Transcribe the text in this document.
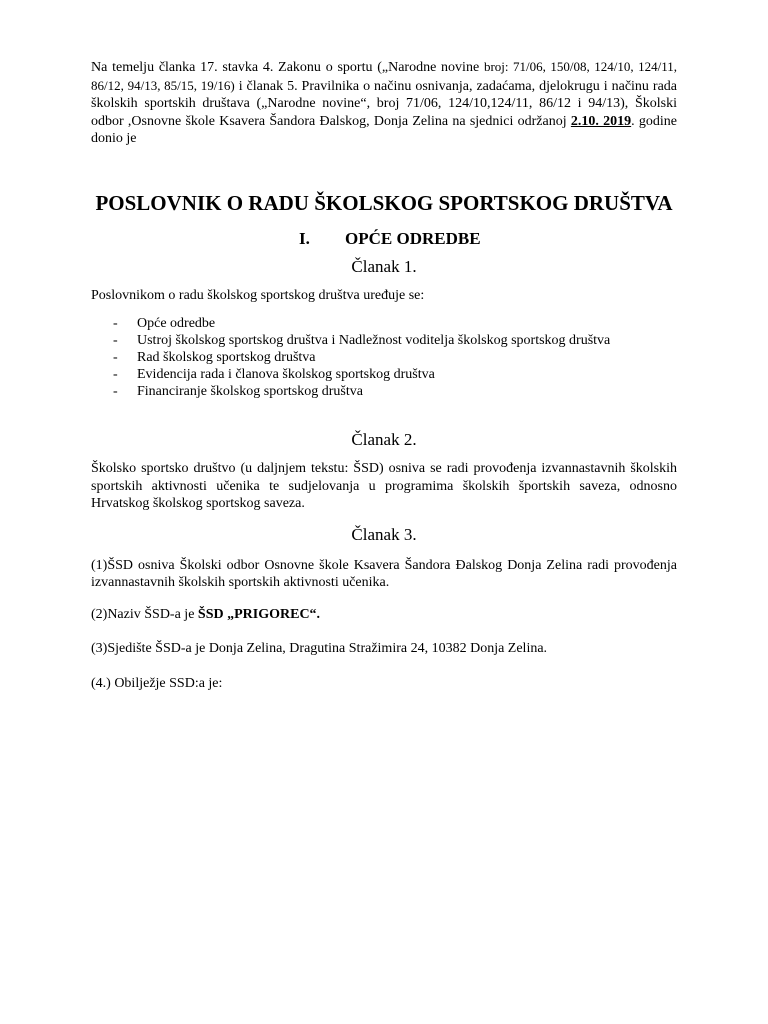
Na temelju članka 17. stavka 4. Zakonu o sportu („Narodne novine broj: 71/06, 150/08, 124/10, 124/11, 86/12, 94/13, 85/15, 19/16) i članak 5. Pravilnika o načinu osnivanja, zadaćama, djelokrugu i načinu rada školskih sportskih društava („Narodne novine“, broj 71/06, 124/10,124/11, 86/12 i 94/13), Školski odbor ,Osnovne škole Ksavera Šandora Đalskog, Donja Zelina na sjednici održanoj 2.10. 2019. godine donio je

POSLOVNIK O RADU ŠKOLSKOG SPORTSKOG DRUŠTVA
I. OPĆE ODREDBE

Članak 1.

Poslovnikom o radu školskog sportskog društva uređuje se:

- Opće odredbe
- Ustroj školskog sportskog društva i Nadležnost voditelja školskog sportskog društva
- Rad školskog sportskog društva
- Evidencija rada i članova školskog sportskog društva
- Financiranje školskog sportskog društva

Članak 2.

Školsko sportsko društvo (u daljnjem tekstu: ŠSD) osniva se radi provođenja izvannastavnih školskih sportskih aktivnosti učenika te sudjelovanja u programima školskih športskih saveza, odnosno Hrvatskog školskog sportskog saveza.

Članak 3.

(1)ŠSD osniva Školski odbor Osnovne škole Ksavera Šandora Đalskog Donja Zelina radi provođenja izvannastavnih školskih sportskih aktivnosti učenika.

(2)Naziv ŠSD-a je ŠSD „PRIGOREC“.

(3)Sjedište ŠSD-a je Donja Zelina, Dragutina Stražimira 24, 10382 Donja Zelina.

(4.) Obilježje SSD:a je:
